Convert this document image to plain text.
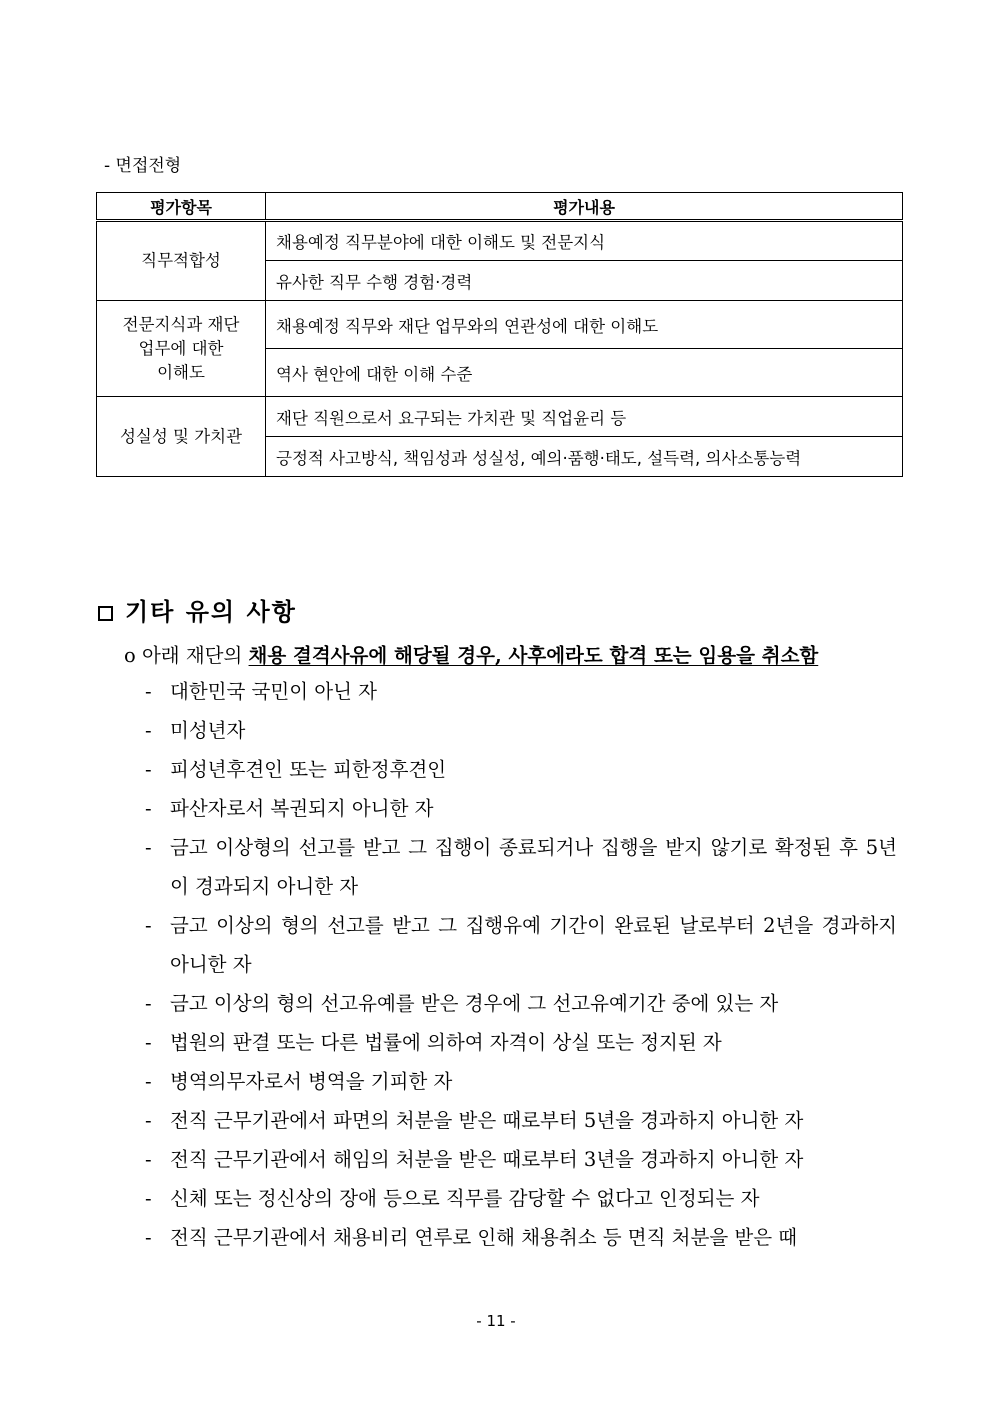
- 면접전형
평가항목	평가내용
직무적합성	채용예정 직무분야에 대한 이해도 및 전문지식
	유사한 직무 수행 경험·경력

전문지식과 재단
업무에 대한
이해도	채용예정 직무와 재단 업무와의 연관성에 대한 이해도
	역사 현안에 대한 이해 수준
성실성 및 가치관	재단 직원으로서 요구되는 가치관 및 직업윤리 등
	긍정적 사고방식, 책임성과 성실성, 예의·품행·태도, 설득력, 의사소통능력
기타 유의 사항
o 아래 재단의 채용 결격사유에 해당될 경우, 사후에라도 합격 또는 임용을 취소함
- 대한민국 국민이 아닌 자
- 미성년자
- 피성년후견인 또는 피한정후견인
- 파산자로서 복권되지 아니한 자
- 금고 이상형의 선고를 받고 그 집행이 종료되거나 집행을 받지 않기로 확정된 후 5년이 경과되지 아니한 자
- 금고 이상의 형의 선고를 받고 그 집행유예 기간이 완료된 날로부터 2년을 경과하지 아니한 자
- 금고 이상의 형의 선고유예를 받은 경우에 그 선고유예기간 중에 있는 자
- 법원의 판결 또는 다른 법률에 의하여 자격이 상실 또는 정지된 자
- 병역의무자로서 병역을 기피한 자
- 전직 근무기관에서 파면의 처분을 받은 때로부터 5년을 경과하지 아니한 자
- 전직 근무기관에서 해임의 처분을 받은 때로부터 3년을 경과하지 아니한 자
- 신체 또는 정신상의 장애 등으로 직무를 감당할 수 없다고 인정되는 자
- 전직 근무기관에서 채용비리 연루로 인해 채용취소 등 면직 처분을 받은 때
- 11 -
